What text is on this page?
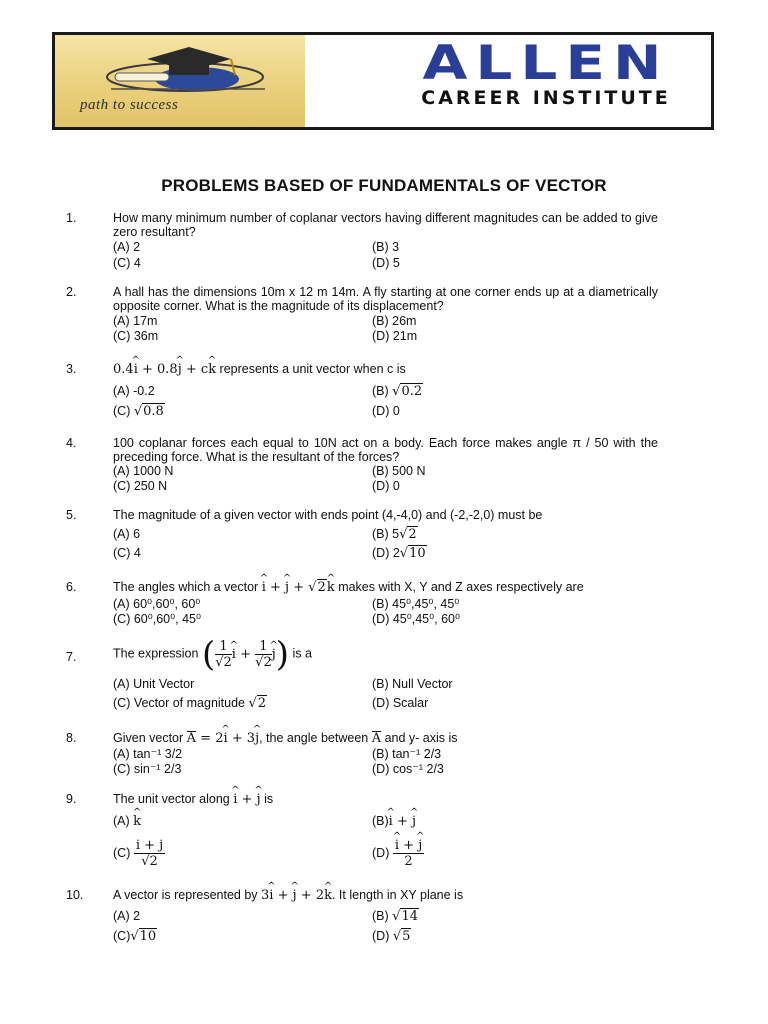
path to success
ALLEN
CAREER INSTITUTE
PROBLEMS BASED OF FUNDAMENTALS OF VECTOR
1.	How many minimum number of coplanar vectors having different magnitudes can be added to give zero resultant?
(A) 2	(B) 3
(C) 4	(D) 5
2.	A hall has the dimensions 10m x 12 m 14m. A fly starting at one corner ends up at a diametrically opposite corner. What is the magnitude of its displacement?
(A) 17m	(B) 26m
(C) 36m	(D) 21m
3.	0.4^ i + 0.8^ j + c^ k represents a unit vector when c is
(A) -0.2	(B) √0.2
(C) √0.8	(D) 0
4.	100 coplanar forces each equal to 10N act on a body. Each force makes angle π / 50 with the preceding force. What is the resultant of the forces?
(A) 1000 N	(B) 500 N
(C) 250 N	(D) 0
5.	The magnitude of a given vector with ends point (4,-4,0) and (-2,-2,0) must be
(A) 6	(B) 5√2
(C) 4	(D) 2√10
6.	The angles which a vector ^ i + ^ j + √2^ k makes with X, Y and Z axes respectively are
(A) 60⁰,60⁰, 60⁰	(B) 45⁰,45⁰, 45⁰
(C) 60⁰,60⁰, 45⁰	(D) 45⁰,45⁰, 60⁰
7.	The expression ( $\frac{1}{√2}$ ^ $i + \frac{1}{√2}$ ^ j) is a
(A) Unit Vector	(B) Null Vector
(C) Vector of magnitude √2	(D) Scalar
8.	Given vector A = 2^ i + 3^ j, the angle between A and y- axis is
(A) tan⁻¹ 3/2	(B) tan⁻¹ 2/3
(C) sin⁻¹ 2/3	(D) cos⁻¹ 2/3
9.	The unit vector along ^ i + ^ j is
(A) ^ k	(B)^ i + ^ j
$(C) \frac{i + j}{√2}$	(D) ^ $\frac{i + \^{} j}{2}$
10. A vector is represented by 3^ i + ^ j + 2^ k. It length in XY plane is
(A) 2	(B) √14
(C)√10	(D) √5
